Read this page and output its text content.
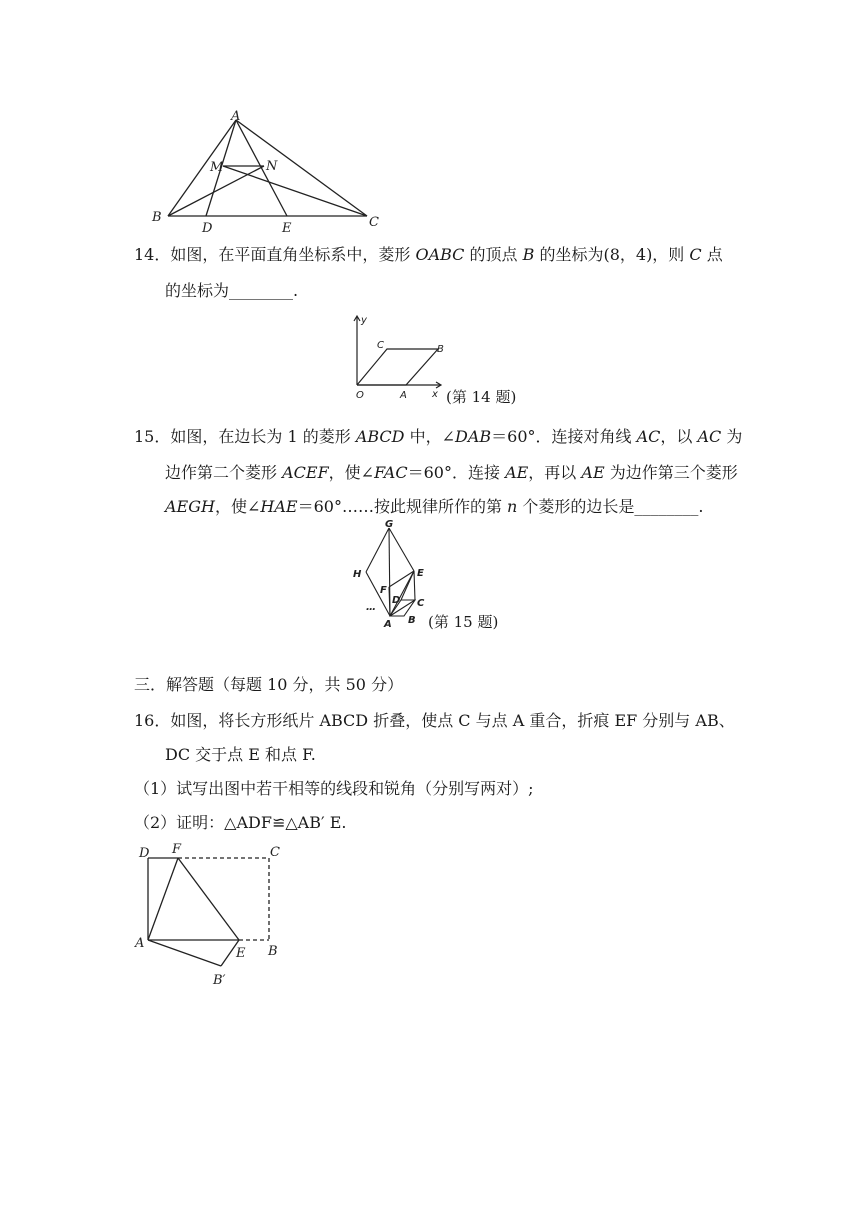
A
M	N
B
D	E	C
14．如图，在平面直角坐标系中，菱形 OABC 的顶点 B 的坐标为(8，4)，则 C 点
的坐标为________.
y
C	B
O	A	x (第 14 题)
15．如图，在边长为 1 的菱形 ABCD 中，∠DAB＝60°．连接对角线 AC，以 AC 为
边作第二个菱形 ACEF，使∠FAC＝60°．连接 AE，再以 AE 为边作第三个菱形
AEGH，使∠HAE＝60°……按此规律所作的第 n 个菱形的边长是________.
G
H	E
F
D C
A B
…
(第 15 题)
三．解答题（每题 10 分，共 50 分）
16．如图，将长方形纸片 ABCD 折叠，使点 C 与点 A 重合，折痕 EF 分别与 AB、
DC 交于点 E 和点 F.
（1）试写出图中若干相等的线段和锐角（分别写两对）;
（2）证明：△ADF≌△AB′ E.
D F	C
A
E B
B′
